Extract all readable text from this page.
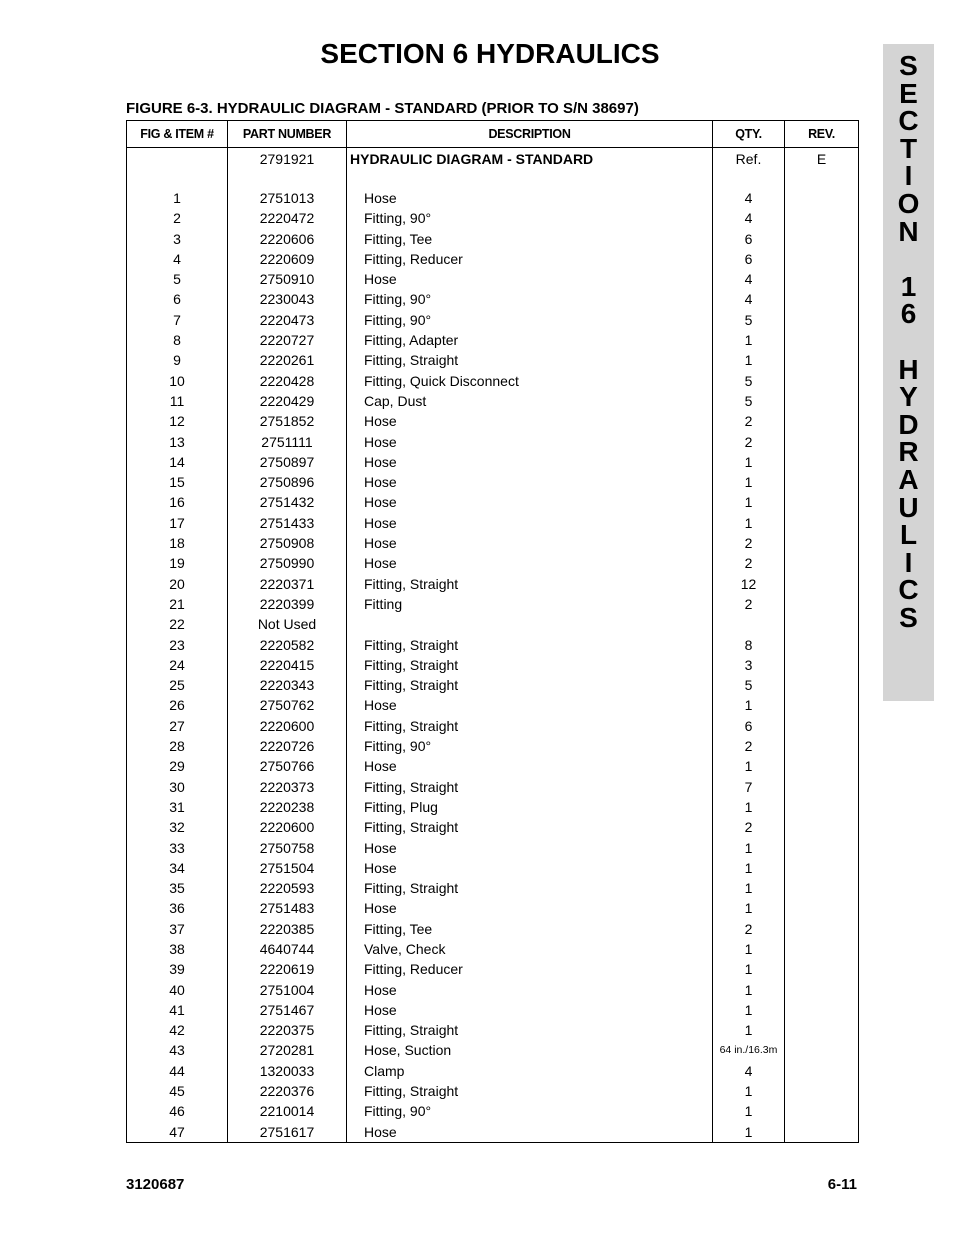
SECTION 6 HYDRAULICS
FIGURE 6-3. HYDRAULIC DIAGRAM - STANDARD (PRIOR TO S/N 38697)
S
E
C
T
I
O
N
1
6
H
Y
D
R
A
U
L
I
C
S
FIG & ITEM #	PART NUMBER	DESCRIPTION	QTY.	REV.
	2791921	HYDRAULIC DIAGRAM - STANDARD	Ref.	E

1	2751013	Hose	4	
2	2220472	Fitting, 90°	4	
3	2220606	Fitting, Tee	6	
4	2220609	Fitting, Reducer	6	
5	2750910	Hose	4	
6	2230043	Fitting, 90°	4	
7	2220473	Fitting, 90°	5	
8	2220727	Fitting, Adapter	1	
9	2220261	Fitting, Straight	1	
10	2220428	Fitting, Quick Disconnect	5	
11	2220429	Cap, Dust	5	
12	2751852	Hose	2	
13	2751111	Hose	2	
14	2750897	Hose	1	
15	2750896	Hose	1	
16	2751432	Hose	1	
17	2751433	Hose	1	
18	2750908	Hose	2	
19	2750990	Hose	2	
20	2220371	Fitting, Straight	12	
21	2220399	Fitting	2	
22	Not Used			
23	2220582	Fitting, Straight	8	
24	2220415	Fitting, Straight	3	
25	2220343	Fitting, Straight	5	
26	2750762	Hose	1	
27	2220600	Fitting, Straight	6	
28	2220726	Fitting, 90°	2	
29	2750766	Hose	1	
30	2220373	Fitting, Straight	7	
31	2220238	Fitting, Plug	1	
32	2220600	Fitting, Straight	2	
33	2750758	Hose	1	
34	2751504	Hose	1	
35	2220593	Fitting, Straight	1	
36	2751483	Hose	1	
37	2220385	Fitting, Tee	2	
38	4640744	Valve, Check	1	
39	2220619	Fitting, Reducer	1	
40	2751004	Hose	1	
41	2751467	Hose	1	
42	2220375	Fitting, Straight	1	
43	2720281	Hose, Suction	64 in./16.3m	
44	1320033	Clamp	4	
45	2220376	Fitting, Straight	1	
46	2210014	Fitting, 90°	1	
47	2751617	Hose	1	
3120687	6-11
